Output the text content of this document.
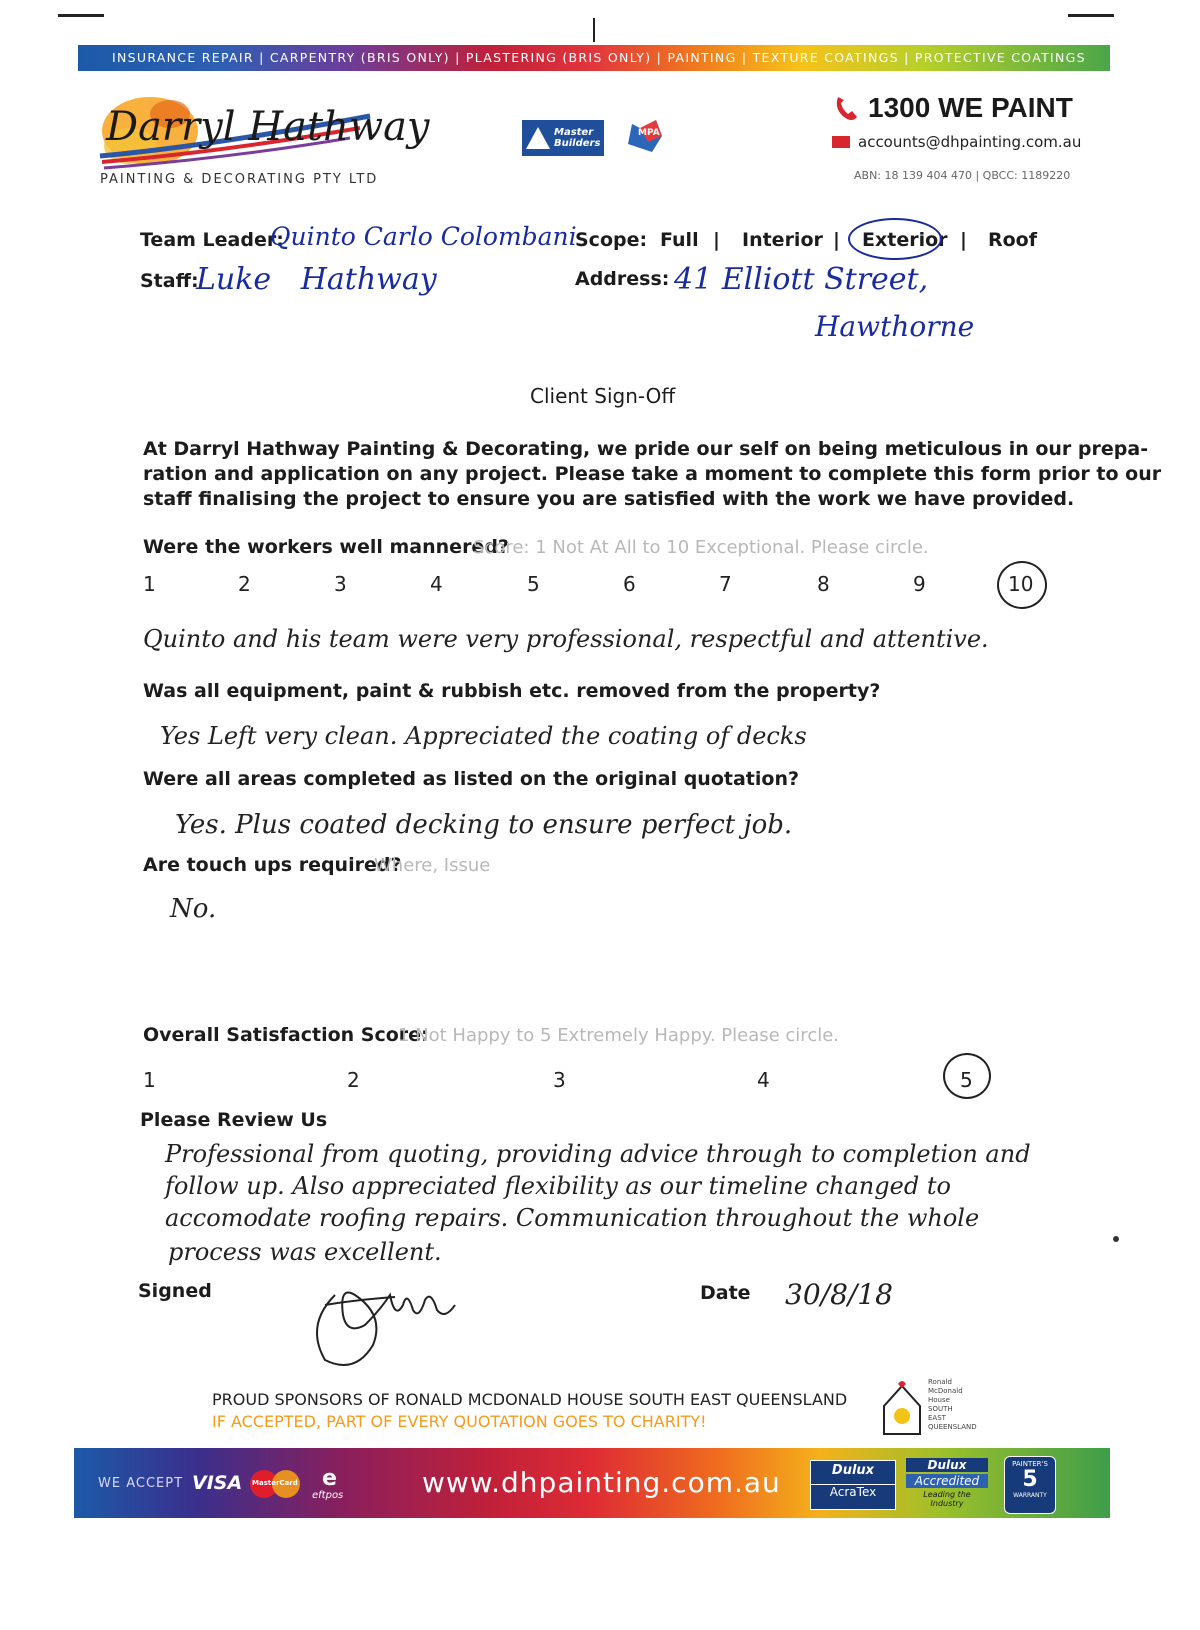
INSURANCE REPAIR | CARPENTRY (BRIS ONLY) | PLASTERING (BRIS ONLY) | PAINTING | TEXTURE COATINGS | PROTECTIVE COATINGS
Darryl Hathway
PAINTING & DECORATING PTY LTD
Master Builders
MPA
1300 WE PAINT
accounts@dhpainting.com.au
ABN: 18 139 404 470 | QBCC: 1189220
Team Leader:
Quinto Carlo Colombani
Scope: Full | Interior | Exterior | Roof
Staff:
Luke Hathway	Address: 41 Elliott Street,
Hawthorne
Client Sign-Off
At Darryl Hathway Painting & Decorating, we pride our self on being meticulous in our prepa-
ration and application on any project. Please take a moment to complete this form prior to our
staff finalising the project to ensure you are satisfied with the work we have provided.
Were the workers well mannered?
Score: 1 Not At All to 10 Exceptional. Please circle.
1	2	3	4	5	6	7	8	9	10
Quinto and his team were very professional, respectful and attentive.
Was all equipment, paint & rubbish etc. removed from the property?
Yes Left very clean. Appreciated the coating of decks
Were all areas completed as listed on the original quotation?
Yes. Plus coated decking to ensure perfect job.
Are touch ups required?
Where, Issue
No.
Overall Satisfaction Score:
1 Not Happy to 5 Extremely Happy. Please circle.
1	2	3	4	5
Please Review Us
Professional from quoting, providing advice through to completion and
follow up. Also appreciated flexibility as our timeline changed to
accomodate roofing repairs. Communication throughout the whole
process was excellent.
Signed	Date 30/8/18
PROUD SPONSORS OF RONALD MCDONALD HOUSE SOUTH EAST QUEENSLAND
IF ACCEPTED, PART OF EVERY QUOTATION GOES TO CHARITY!
Ronald McDonald House SOUTH EAST QUEENSLAND
WE ACCEPT VISA MasterCard e
eftpos	www.dhpainting.com.au	Dulux
AcraTex
Dulux
Accredited
Leading the Industry
PAINTER'S
5
WARRANTY
